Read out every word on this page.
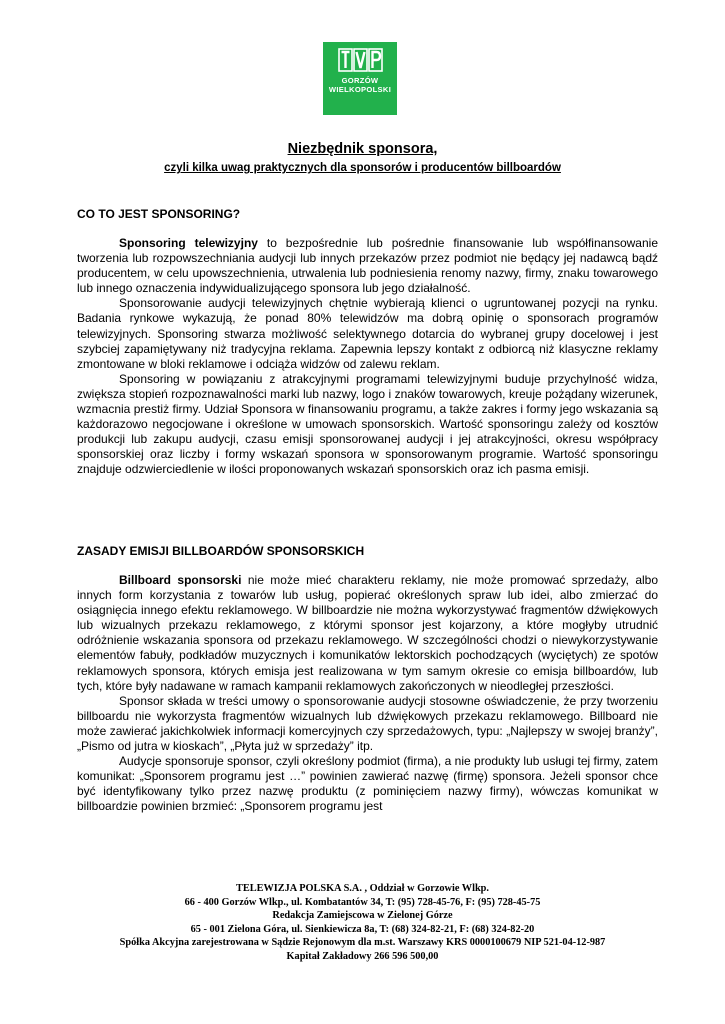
GORZÓW
WIELKOPOLSKI
Niezbędnik sponsora,
czyli kilka uwag praktycznych dla sponsorów i producentów billboardów
CO TO JEST SPONSORING?

Sponsoring telewizyjny to bezpośrednie lub pośrednie finansowanie lub współfinansowanie tworzenia lub rozpowszechniania audycji lub innych przekazów przez podmiot nie będący jej nadawcą bądź producentem, w celu upowszechnienia, utrwalenia lub podniesienia renomy nazwy, firmy, znaku towarowego lub innego oznaczenia indywidualizującego sponsora lub jego działalność.

Sponsorowanie audycji telewizyjnych chętnie wybierają klienci o ugruntowanej pozycji na rynku. Badania rynkowe wykazują, że ponad 80% telewidzów ma dobrą opinię o sponsorach programów telewizyjnych. Sponsoring stwarza możliwość selektywnego dotarcia do wybranej grupy docelowej i jest szybciej zapamiętywany niż tradycyjna reklama. Zapewnia lepszy kontakt z odbiorcą niż klasyczne reklamy zmontowane w bloki reklamowe i odciąża widzów od zalewu reklam.

Sponsoring w powiązaniu z atrakcyjnymi programami telewizyjnymi buduje przychylność widza, zwiększa stopień rozpoznawalności marki lub nazwy, logo i znaków towarowych, kreuje pożądany wizerunek, wzmacnia prestiż firmy. Udział Sponsora w finansowaniu programu, a także zakres i formy jego wskazania są każdorazowo negocjowane i określone w umowach sponsorskich. Wartość sponsoringu zależy od kosztów produkcji lub zakupu audycji, czasu emisji sponsorowanej audycji i jej atrakcyjności, okresu współpracy sponsorskiej oraz liczby i formy wskazań sponsora w sponsorowanym programie. Wartość sponsoringu znajduje odzwierciedlenie w ilości proponowanych wskazań sponsorskich oraz ich pasma emisji.

ZASADY EMISJI BILLBOARDÓW SPONSORSKICH

Billboard sponsorski nie może mieć charakteru reklamy, nie może promować sprzedaży, albo innych form korzystania z towarów lub usług, popierać określonych spraw lub idei, albo zmierzać do osiągnięcia innego efektu reklamowego. W billboardzie nie można wykorzystywać fragmentów dźwiękowych lub wizualnych przekazu reklamowego, z którymi sponsor jest kojarzony, a które mogłyby utrudnić odróżnienie wskazania sponsora od przekazu reklamowego. W szczególności chodzi o niewykorzystywanie elementów fabuły, podkładów muzycznych i komunikatów lektorskich pochodzących (wyciętych) ze spotów reklamowych sponsora, których emisja jest realizowana w tym samym okresie co emisja billboardów, lub tych, które były nadawane w ramach kampanii reklamowych zakończonych w nieodległej przeszłości.

Sponsor składa w treści umowy o sponsorowanie audycji stosowne oświadczenie, że przy tworzeniu billboardu nie wykorzysta fragmentów wizualnych lub dźwiękowych przekazu reklamowego. Billboard nie może zawierać jakichkolwiek informacji komercyjnych czy sprzedażowych, typu: „Najlepszy w swojej branży”, „Pismo od jutra w kioskach”, „Płyta już w sprzedaży” itp.

Audycje sponsoruje sponsor, czyli określony podmiot (firma), a nie produkty lub usługi tej firmy, zatem komunikat: „Sponsorem programu jest …” powinien zawierać nazwę (firmę) sponsora. Jeżeli sponsor chce być identyfikowany tylko przez nazwę produktu (z pominięciem nazwy firmy), wówczas komunikat w billboardzie powinien brzmieć: „Sponsorem programu jest

TELEWIZJA POLSKA S.A. , Oddział w Gorzowie Wlkp.
66 - 400 Gorzów Wlkp., ul. Kombatantów 34, T: (95) 728-45-76, F: (95) 728-45-75
Redakcja Zamiejscowa w Zielonej Górze
65 - 001 Zielona Góra, ul. Sienkiewicza 8a, T: (68) 324-82-21, F: (68) 324-82-20
Spółka Akcyjna zarejestrowana w Sądzie Rejonowym dla m.st. Warszawy KRS 0000100679 NIP 521-04-12-987
Kapitał Zakładowy 266 596 500,00
